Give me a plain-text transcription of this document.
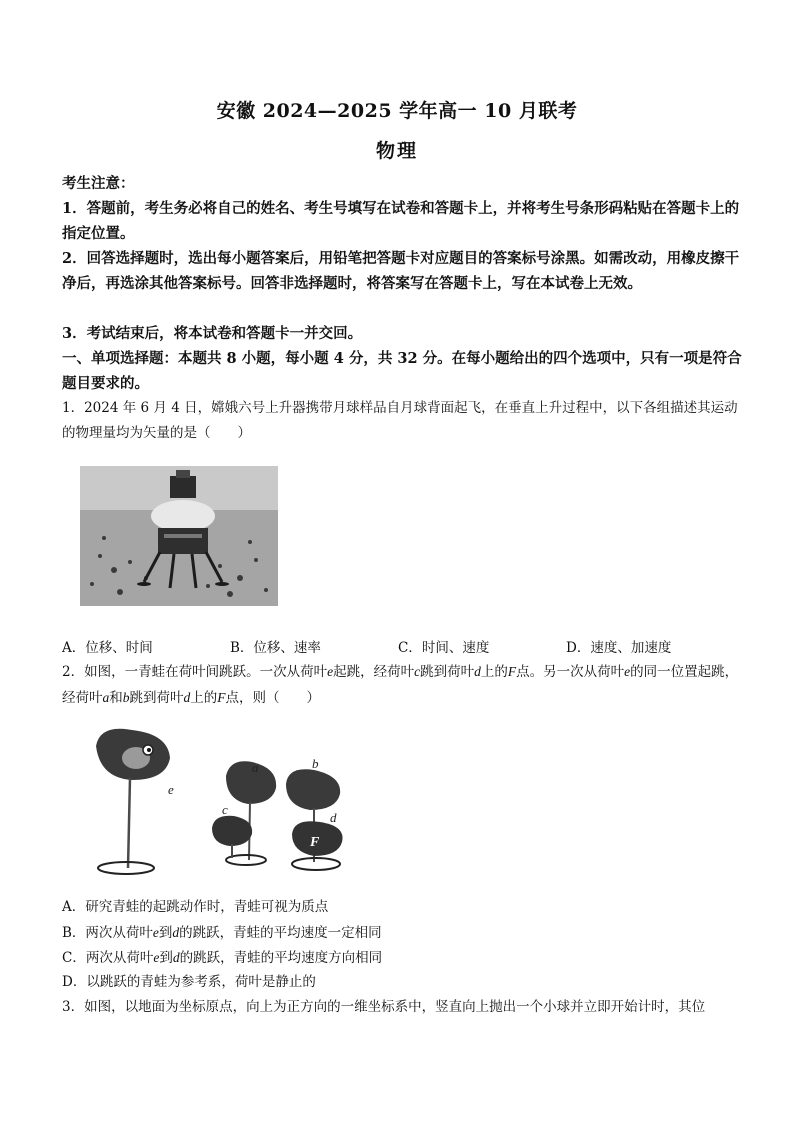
安徽 2024—2025 学年高一 10 月联考
物理
考生注意：
1．答题前，考生务必将自己的姓名、考生号填写在试卷和答题卡上，并将考生号条形码粘贴在答题卡上的指定位置。
2．回答选择题时，选出每小题答案后，用铅笔把答题卡对应题目的答案标号涂黑。如需改动，用橡皮擦干净后，再选涂其他答案标号。回答非选择题时，将答案写在答题卡上，写在本试卷上无效。
3．考试结束后，将本试卷和答题卡一并交回。
一、单项选择题：本题共 8 小题，每小题 4 分，共 32 分。在每小题给出的四个选项中，只有一项是符合题目要求的。
1．2024 年 6 月 4 日，嫦娥六号上升器携带月球样品自月球背面起飞，在垂直上升过程中，以下各组描述其运动的物理量均为矢量的是（　　）
A．位移、时间	B．位移、速率	C．时间、速度	D．速度、加速度
2．如图，一青蛙在荷叶间跳跃。一次从荷叶e起跳，经荷叶c跳到荷叶d上的F点。另一次从荷叶e的同一位置起跳，经荷叶a和b跳到荷叶d上的F点，则（　　）
e
a
c
b
d
F
A．研究青蛙的起跳动作时，青蛙可视为质点
B．两次从荷叶e到d的跳跃，青蛙的平均速度一定相同
C．两次从荷叶e到d的跳跃，青蛙的平均速度方向相同
D．以跳跃的青蛙为参考系，荷叶是静止的
3．如图，以地面为坐标原点，向上为正方向的一维坐标系中，竖直向上抛出一个小球并立即开始计时，其位
